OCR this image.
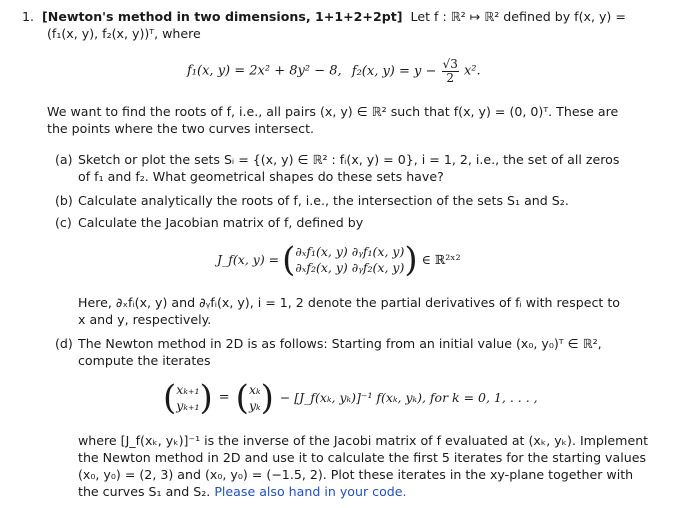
1. [Newton's method in two dimensions, 1+1+2+2pt] Let f : ℝ² ↦ ℝ² defined by f(x, y) =
(f₁(x, y), f₂(x, y))ᵀ, where
f₁(x, y) = 2x² + 8y² − 8, f₂(x, $y) = y - \frac{√3}{2} x^2$.
We want to find the roots of f, i.e., all pairs (x, y) ∈ ℝ² such that f(x, y) = (0, 0)ᵀ. These are
the points where the two curves intersect.
(a) Sketch or plot the sets Sᵢ = {(x, y) ∈ ℝ² : fᵢ(x, y) = 0}, i = 1, 2, i.e., the set of all zeros
of f₁ and f₂. What geometrical shapes do these sets have?
(b) Calculate analytically the roots of f, i.e., the intersection of the sets S₁ and S₂.
(c) Calculate the Jacobian matrix of f, defined by
J_f(x, y) = ( ∂ₓf₁(x, y) ∂ᵧf₁(x, y)
∂ₓf₂(x, y) ∂ᵧf₂(x, y) ) ∈ ℝ²ˣ²
Here, ∂ₓfᵢ(x, y) and ∂ᵧfᵢ(x, y), i = 1, 2 denote the partial derivatives of fᵢ with respect to
x and y, respectively.
(d) The Newton method in 2D is as follows: Starting from an initial value (x₀, y₀)ᵀ ∈ ℝ²,
compute the iterates
( xₖ₊₁
yₖ₊₁ ) = ( xₖ
yₖ ) − [J_f(xₖ, yₖ)]⁻¹ f(xₖ, yₖ), for k = 0, 1, . . . ,
where [J_f(xₖ, yₖ)]⁻¹ is the inverse of the Jacobi matrix of f evaluated at (xₖ, yₖ). Implement
the Newton method in 2D and use it to calculate the first 5 iterates for the starting values
(x₀, y₀) = (2, 3) and (x₀, y₀) = (−1.5, 2). Plot these iterates in the xy-plane together with
the curves S₁ and S₂. Please also hand in your code.
